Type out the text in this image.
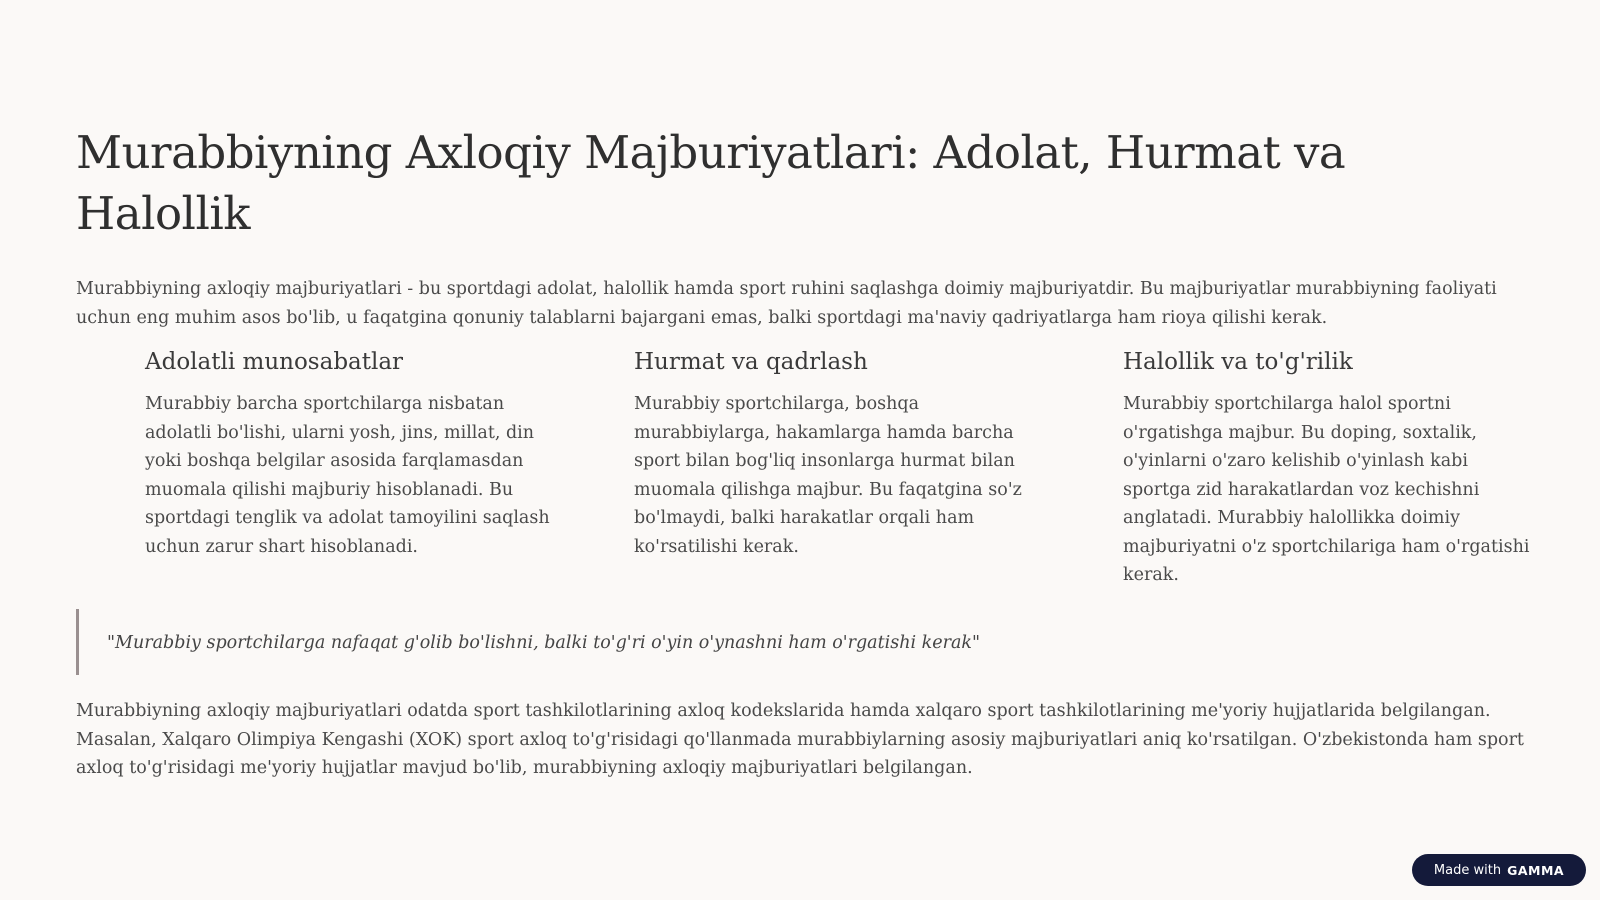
Murabbiyning Axloqiy Majburiyatlari: Adolat, Hurmat va Halollik

Murabbiyning axloqiy majburiyatlari - bu sportdagi adolat, halollik hamda sport ruhini saqlashga doimiy majburiyatdir. Bu majburiyatlar murabbiyning faoliyati uchun eng muhim asos bo'lib, u faqatgina qonuniy talablarni bajargani emas, balki sportdagi ma'naviy qadriyatlarga ham rioya qilishi kerak.

Adolatli munosabatlar

Murabbiy barcha sportchilarga nisbatan adolatli bo'lishi, ularni yosh, jins, millat, din yoki boshqa belgilar asosida farqlamasdan muomala qilishi majburiy hisoblanadi. Bu sportdagi tenglik va adolat tamoyilini saqlash uchun zarur shart hisoblanadi.

Hurmat va qadrlash

Murabbiy sportchilarga, boshqa murabbiylarga, hakamlarga hamda barcha sport bilan bog'liq insonlarga hurmat bilan muomala qilishga majbur. Bu faqatgina so'z bo'lmaydi, balki harakatlar orqali ham ko'rsatilishi kerak.

Halollik va to'g'rilik

Murabbiy sportchilarga halol sportni o'rgatishga majbur. Bu doping, soxtalik, o'yinlarni o'zaro kelishib o'yinlash kabi sportga zid harakatlardan voz kechishni anglatadi. Murabbiy halollikka doimiy majburiyatni o'z sportchilariga ham o'rgatishi kerak.

"Murabbiy sportchilarga nafaqat g'olib bo'lishni, balki to'g'ri o'yin o'ynashni ham o'rgatishi kerak"

Murabbiyning axloqiy majburiyatlari odatda sport tashkilotlarining axloq kodekslarida hamda xalqaro sport tashkilotlarining me'yoriy hujjatlarida belgilangan. Masalan, Xalqaro Olimpiya Kengashi (XOK) sport axloq to'g'risidagi qo'llanmada murabbiylarning asosiy majburiyatlari aniq ko'rsatilgan. O'zbekistonda ham sport axloq to'g'risidagi me'yoriy hujjatlar mavjud bo'lib, murabbiyning axloqiy majburiyatlari belgilangan.

Made with GAMMA
